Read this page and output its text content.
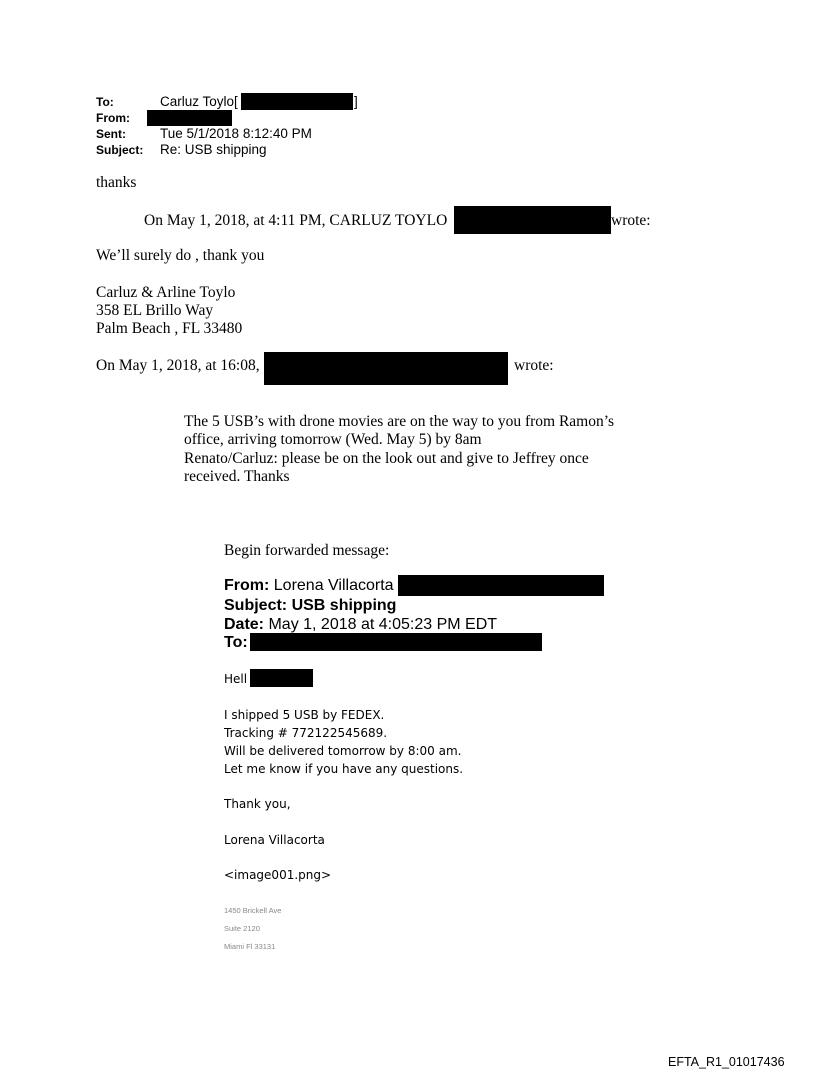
To:	Carluz Toylo[	]
From:
Sent:	Tue 5/1/2018 8:12:40 PM
Subject: Re: USB shipping
thanks
On May 1, 2018, at 4:11 PM, CARLUZ TOYLO	wrote:
We’ll surely do , thank you
Carluz & Arline Toylo
358 EL Brillo Way
Palm Beach , FL 33480
On May 1, 2018, at 16:08,	wrote:
The 5 USB’s with drone movies are on the way to you from Ramon’s
office, arriving tomorrow (Wed. May 5) by 8am
Renato/Carluz: please be on the look out and give to Jeffrey once
received. Thanks
Begin forwarded message:
From: Lorena Villacorta
Subject: USB shipping
Date: May 1, 2018 at 4:05:23 PM EDT
To:
Hell
I shipped 5 USB by FEDEX.
Tracking # 772122545689.
Will be delivered tomorrow by 8:00 am.
Let me know if you have any questions.
Thank you,
Lorena Villacorta
<image001.png>
1450 Brickell Ave
Suite 2120
Miami Fl 33131
EFTA_R1_01017436
